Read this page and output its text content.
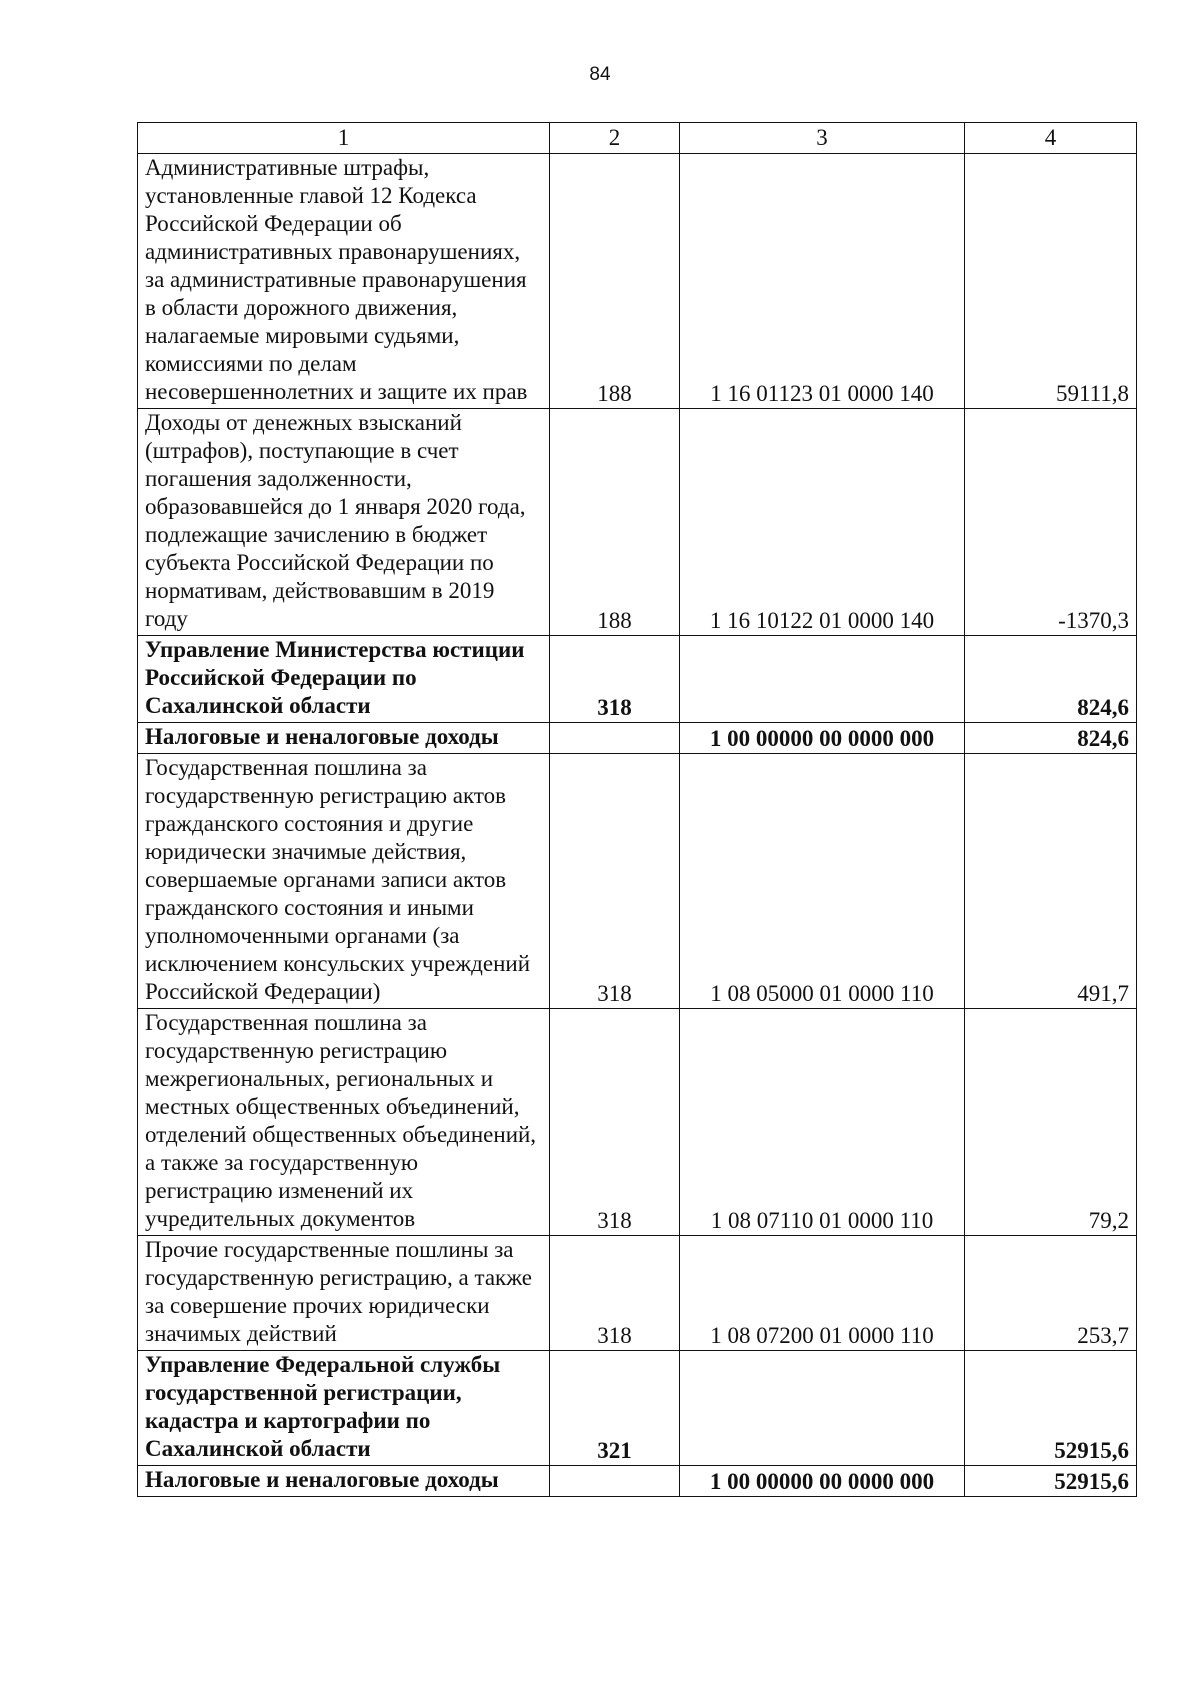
84
1	2	3	4
Административные штрафы, установленные главой 12 Кодекса Российской Федерации об административных правонарушениях, за административные правонарушения в области дорожного движения, налагаемые мировыми судьями, комиссиями по делам несовершеннолетних и защите их прав	188	1 16 01123 01 0000 140	59111,8
Доходы от денежных взысканий (штрафов), поступающие в счет погашения задолженности, образовавшейся до 1 января 2020 года, подлежащие зачислению в бюджет субъекта Российской Федерации по нормативам, действовавшим в 2019 году	188	1 16 10122 01 0000 140	-1370,3
Управление Министерства юстиции Российской Федерации по Сахалинской области	318		824,6
Налоговые и неналоговые доходы		1 00 00000 00 0000 000	824,6
Государственная пошлина за государственную регистрацию актов гражданского состояния и другие юридически значимые действия, совершаемые органами записи актов гражданского состояния и иными уполномоченными органами (за исключением консульских учреждений Российской Федерации)	318	1 08 05000 01 0000 110	491,7
Государственная пошлина за государственную регистрацию межрегиональных, региональных и местных общественных объединений, отделений общественных объединений, а также за государственную регистрацию изменений их учредительных документов	318	1 08 07110 01 0000 110	79,2
Прочие государственные пошлины за государственную регистрацию, а также за совершение прочих юридически значимых действий	318	1 08 07200 01 0000 110	253,7
Управление Федеральной службы государственной регистрации, кадастра и картографии по Сахалинской области	321		52915,6
Налоговые и неналоговые доходы		1 00 00000 00 0000 000	52915,6
